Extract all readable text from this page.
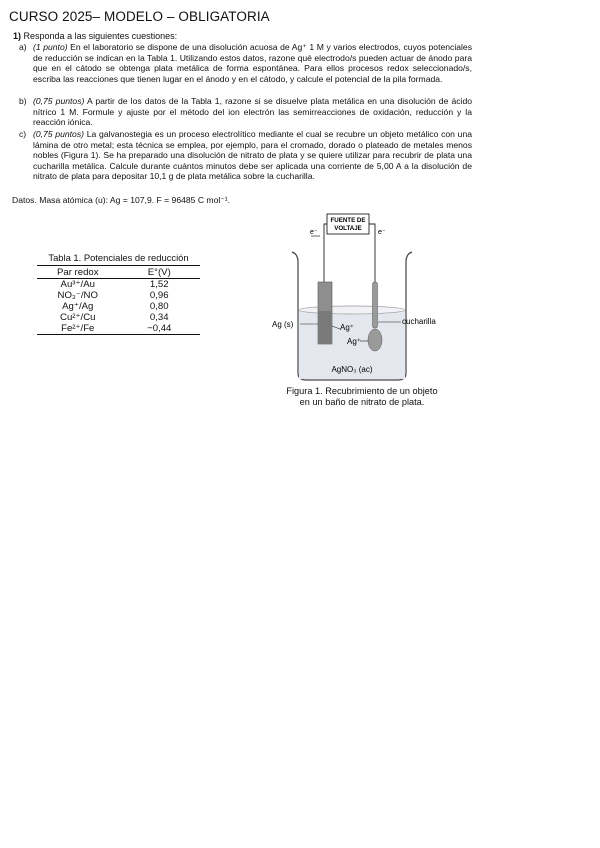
CURSO 2025– MODELO – OBLIGATORIA
1) Responda a las siguientes cuestiones:
a) (1 punto) En el laboratorio se dispone de una disolución acuosa de Ag⁺ 1 M y varios electrodos, cuyos potenciales de reducción se indican en la Tabla 1. Utilizando estos datos, razone qué electrodo/s pueden actuar de ánodo para que en el cátodo se obtenga plata metálica de forma espontánea. Para ellos procesos redox seleccionado/s, escriba las reacciones que tienen lugar en el ánodo y en el cátodo, y calcule el potencial de la pila formada.
b) (0,75 puntos) A partir de los datos de la Tabla 1, razone si se disuelve plata metálica en una disolución de ácido nítrico 1 M. Formule y ajuste por el método del ion electrón las semirreacciones de oxidación, reducción y la reacción iónica.
c) (0,75 puntos) La galvanostegia es un proceso electrolítico mediante el cual se recubre un objeto metálico con una lámina de otro metal; esta técnica se emplea, por ejemplo, para el cromado, dorado o plateado de metales menos nobles (Figura 1). Se ha preparado una disolución de nitrato de plata y se quiere utilizar para recubrir de plata una cucharilla metálica. Calcule durante cuántos minutos debe ser aplicada una corriente de 5,00 A a la disolución de nitrato de plata para depositar 10,1 g de plata metálica sobre la cucharilla.
Datos. Masa atómica (u): Ag = 107,9. F = 96485 C mol⁻¹.
Tabla 1. Potenciales de reducción
Par redox	E°(V)
Au³⁺/Au	1,52
NO₃⁻/NO	0,96
Ag⁺/Ag	0,80
Cu²⁺/Cu	0,34
Fe²⁺/Fe	−0,44
FUENTE DE
VOLTAJE
e⁻	e⁻
Ag (s)	Ag⁺
Ag⁺
cucharilla
AgNO₃ (ac)
Figura 1. Recubrimiento de un objeto
en un baño de nitrato de plata.
